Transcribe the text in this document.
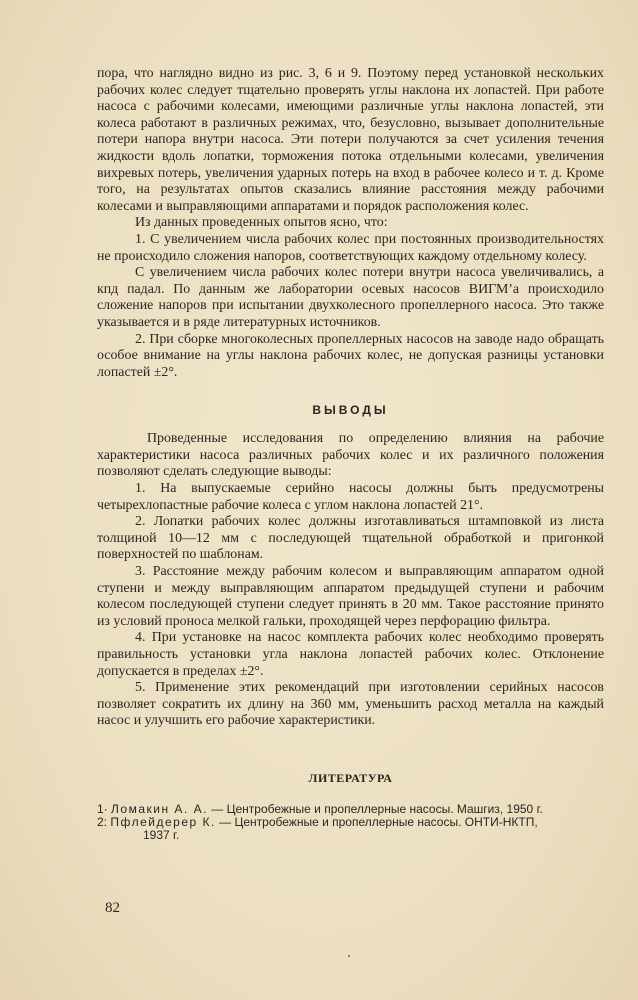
пора, что наглядно видно из рис. 3, 6 и 9. Поэтому перед установкой нескольких рабочих колес следует тщательно проверять углы наклона их лопастей. При работе насоса с рабочими колесами, имеющими различные углы наклона лопастей, эти колеса работают в различных режимах, что, безусловно, вызывает дополнительные потери напора внутри насоса. Эти потери получаются за счет усиления течения жидкости вдоль лопатки, торможения потока отдельными колесами, увеличения вихревых потерь, увеличения ударных потерь на вход в рабочее колесо и т. д. Кроме того, на результатах опытов сказались влияние расстояния между рабочими колесами и выправляющими аппаратами и порядок расположения колес.

Из данных проведенных опытов ясно, что:

1. С увеличением числа рабочих колес при постоянных производительностях не происходило сложения напоров, соответствующих каждому отдельному колесу.

С увеличением числа рабочих колес потери внутри насоса увеличивались, а кпд падал. По данным же лаборатории осевых насосов ВИГМ’а происходило сложение напоров при испытании двухколесного пропеллерного насоса. Это также указывается и в ряде литературных источников.

2. При сборке многоколесных пропеллерных насосов на заводе надо обращать особое внимание на углы наклона рабочих колес, не допуская разницы установки лопастей ±2°.

ВЫВОДЫ

Проведенные исследования по определению влияния на рабочие характеристики насоса различных рабочих колес и их различного положения позволяют сделать следующие выводы:

1. На выпускаемые серийно насосы должны быть предусмотрены четырехлопастные рабочие колеса с углом наклона лопастей 21°.

2. Лопатки рабочих колес должны изготавливаться штамповкой из листа толщиной 10—12 мм с последующей тщательной обработкой и пригонкой поверхностей по шаблонам.

3. Расстояние между рабочим колесом и выправляющим аппаратом одной ступени и между выправляющим аппаратом предыдущей ступени и рабочим колесом последующей ступени следует принять в 20 мм. Такое расстояние принято из условий проноса мелкой гальки, проходящей через перфорацию фильтра.

4. При установке на насос комплекта рабочих колес необходимо проверять правильность установки угла наклона лопастей рабочих колес. Отклонение допускается в пределах ±2°.

5. Применение этих рекомендаций при изготовлении серийных насосов позволяет сократить их длину на 360 мм, уменьшить расход металла на каждый насос и улучшить его рабочие характеристики.

ЛИТЕРАТУРА

1· Ломакин А. А. — Центробежные и пропеллерные насосы. Машгиз, 1950 г.

2: Пфлейдерер К. — Центробежные и пропеллерные насосы. ОНТИ-НКТП,

1937 г.

82
